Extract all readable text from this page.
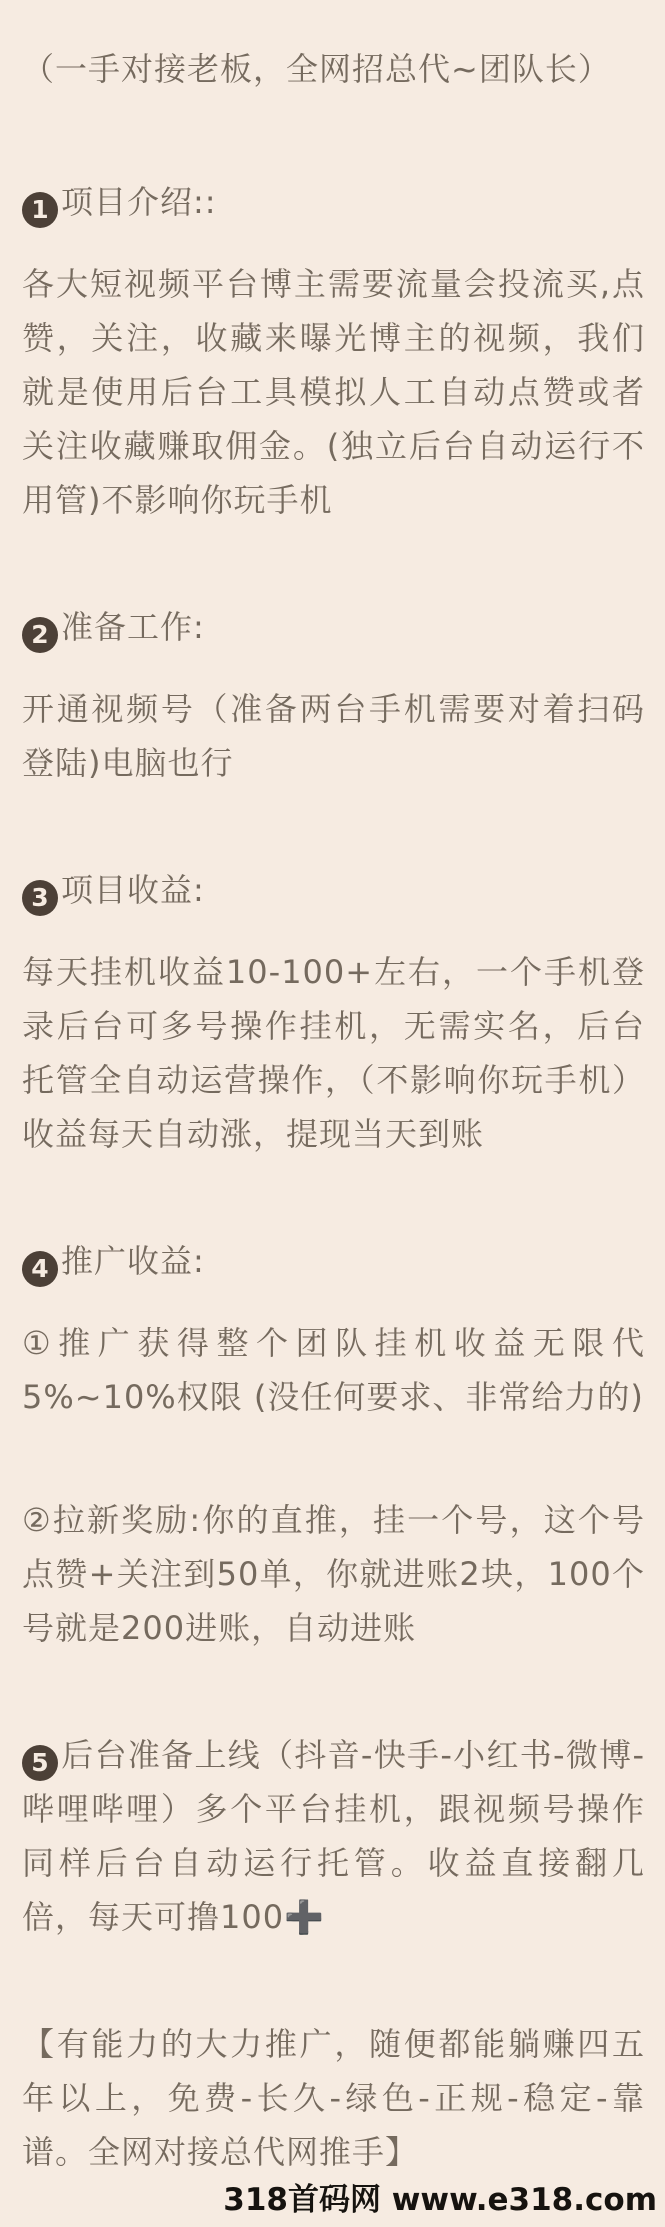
（一手对接老板，全网招总代~团队长）

1 项目介绍::

各大短视频平台博主需要流量会投流买,点赞，关注，收藏来曝光博主的视频，我们就是使用后台工具模拟人工自动点赞或者关注收藏赚取佣金。(独立后台自动运行不用管)不影响你玩手机

2 准备工作:

开通视频号（准备两台手机需要对着扫码登陆)电脑也行

3 项目收益:

每天挂机收益10-100+左右，一个手机登录后台可多号操作挂机，无需实名，后台托管全自动运营操作，（不影响你玩手机）收益每天自动涨，提现当天到账

4 推广收益:

①推广获得整个团队挂机收益无限代5%~10%权限 (没任何要求、非常给力的)

②拉新奖励:你的直推，挂一个号，这个号点赞+关注到50单，你就进账2块，100个号就是200进账，自动进账

5 后台准备上线（抖音-快手-小红书-微博-哔哩哔哩）多个平台挂机，跟视频号操作同样后台自动运行托管。收益直接翻几倍，每天可撸100➕

【有能力的大力推广，随便都能躺赚四五年以上，免费-长久-绿色-正规-稳定-靠谱。全网对接总代网推手】

318首码网 www.e318.com
